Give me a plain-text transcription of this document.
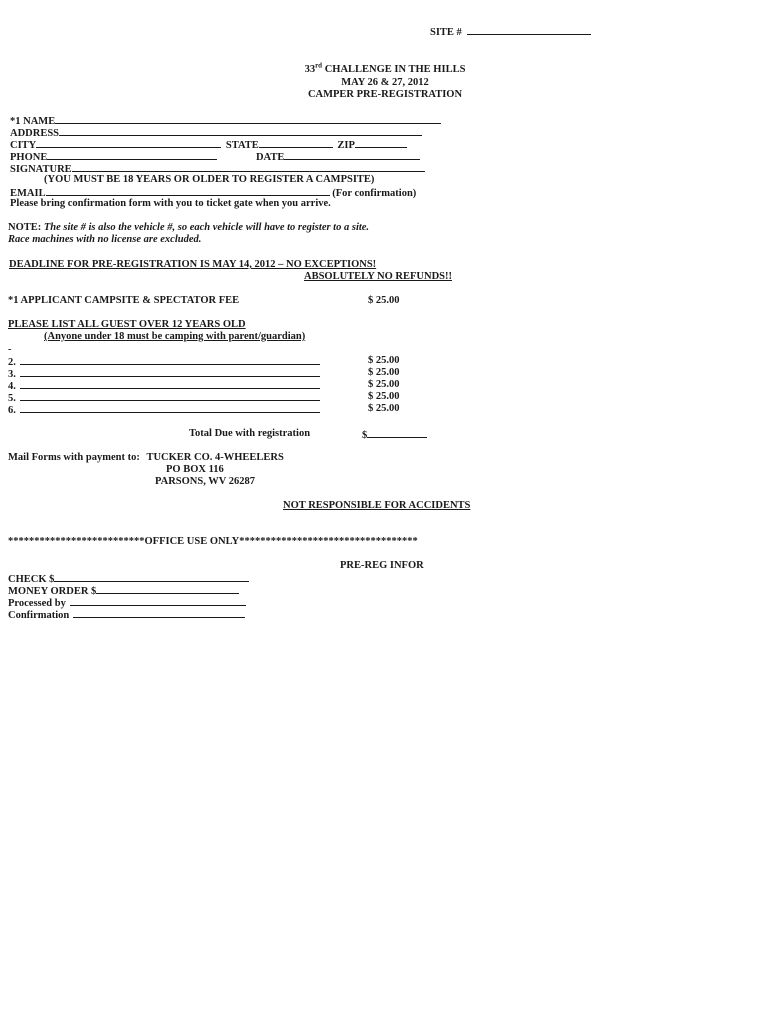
SITE #
33rd CHALLENGE IN THE HILLS
MAY 26 & 27, 2012
CAMPER PRE-REGISTRATION
*1 NAME
ADDRESS
CITY	STATE	ZIP
PHONE	DATE
SIGNATURE
(YOU MUST BE 18 YEARS OR OLDER TO REGISTER A CAMPSITE)
EMAIL	(For confirmation)
Please bring confirmation form with you to ticket gate when you arrive.
NOTE: The site # is also the vehicle #, so each vehicle will have to register to a site.
Race machines with no license are excluded.
DEADLINE FOR PRE-REGISTRATION IS MAY 14, 2012 – NO EXCEPTIONS!
ABSOLUTELY NO REFUNDS!!
*1 APPLICANT CAMPSITE & SPECTATOR FEE	$ 25.00
PLEASE LIST ALL GUEST OVER 12 YEARS OLD
(Anyone under 18 must be camping with parent/guardian)
-
2.	$ 25.00
3.	$ 25.00
4.	$ 25.00
5.	$ 25.00
6.	$ 25.00
Total Due with registration	$
Mail Forms with payment to: TUCKER CO. 4-WHEELERS
PO BOX 116
PARSONS, WV 26287
NOT RESPONSIBLE FOR ACCIDENTS
**************************OFFICE USE ONLY**********************************
PRE-REG INFOR
CHECK $
MONEY ORDER $
Processed by
Confirmation
